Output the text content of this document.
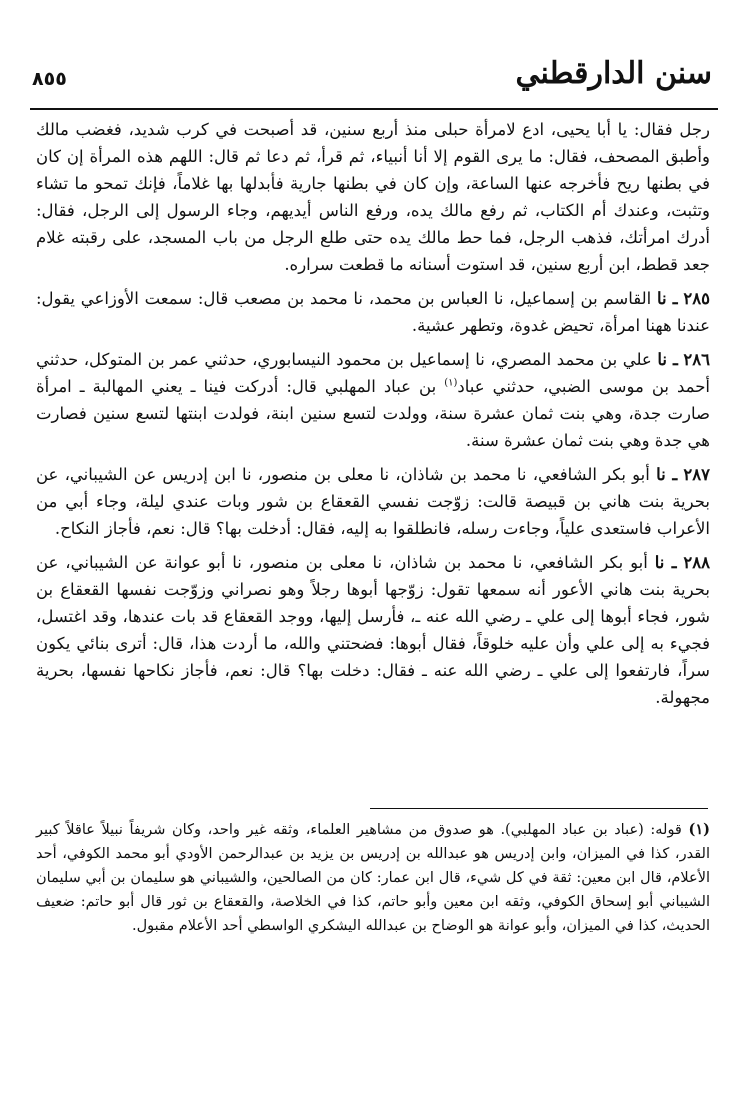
سنن الدارقطني
٨٥٥

رجل فقال: يا أبا يحيى، ادع لامرأة حبلى منذ أربع سنين، قد أصبحت في كرب شديد، فغضب مالك وأطبق المصحف، فقال: ما يرى القوم إلا أنا أنبياء، ثم قرأ، ثم دعا ثم قال: اللهم هذه المرأة إن كان في بطنها ريح فأخرجه عنها الساعة، وإن كان في بطنها جارية فأبدلها بها غلاماً، فإنك تمحو ما تشاء وتثبت، وعندك أم الكتاب، ثم رفع مالك يده، ورفع الناس أيديهم، وجاء الرسول إلى الرجل، فقال: أدرك امرأتك، فذهب الرجل، فما حط مالك يده حتى طلع الرجل من باب المسجد، على رقبته غلام جعد قطط، ابن أربع سنين، قد استوت أسنانه ما قطعت سراره.

٢٨٥ ـ نا القاسم بن إسماعيل، نا العباس بن محمد، نا محمد بن مصعب قال: سمعت الأوزاعي يقول: عندنا ههنا امرأة، تحيض غدوة، وتطهر عشية.

٢٨٦ ـ نا علي بن محمد المصري، نا إسماعيل بن محمود النيسابوري، حدثني عمر بن المتوكل، حدثني أحمد بن موسى الضبي، حدثني عباد$^{(١)}$ بن عباد المهلبي قال: أدركت فينا ـ يعني المهالبة ـ امرأة صارت جدة، وهي بنت ثمان عشرة سنة، وولدت لتسع سنين ابنة، فولدت ابنتها لتسع سنين فصارت هي جدة وهي بنت ثمان عشرة سنة.

٢٨٧ ـ نا أبو بكر الشافعي، نا محمد بن شاذان، نا معلى بن منصور، نا ابن إدريس عن الشيباني، عن بحرية بنت هاني بن قبيصة قالت: زوّجت نفسي القعقاع بن شور وبات عندي ليلة، وجاء أبي من الأعراب فاستعدى علياً، وجاءت رسله، فانطلقوا به إليه، فقال: أدخلت بها؟ قال: نعم، فأجاز النكاح.

٢٨٨ ـ نا أبو بكر الشافعي، نا محمد بن شاذان، نا معلى بن منصور، نا أبو عوانة عن الشيباني، عن بحرية بنت هاني الأعور أنه سمعها تقول: زوّجها أبوها رجلاً وهو نصراني وزوّجت نفسها القعقاع بن شور، فجاء أبوها إلى علي ـ رضي الله عنه ـ، فأرسل إليها، ووجد القعقاع قد بات عندها، وقد اغتسل، فجيء به إلى علي وأن عليه خلوقاً، فقال أبوها: فضحتني والله، ما أردت هذا، قال: أترى بنائي يكون سراً، فارتفعوا إلى علي ـ رضي الله عنه ـ فقال: دخلت بها؟ قال: نعم، فأجاز نكاحها نفسها، بحرية مجهولة.

(١) قوله: (عباد بن عباد المهلبي). هو صدوق من مشاهير العلماء، وثقه غير واحد، وكان شريفاً نبيلاً عاقلاً كبير القدر، كذا في الميزان، وابن إدريس هو عبدالله بن إدريس بن يزيد بن عبدالرحمن الأودي أبو محمد الكوفي، أحد الأعلام، قال ابن معين: ثقة في كل شيء، قال ابن عمار: كان من الصالحين، والشيباني هو سليمان بن أبي سليمان الشيباني أبو إسحاق الكوفي، وثقه ابن معين وأبو حاتم، كذا في الخلاصة، والقعقاع بن ثور قال أبو حاتم: ضعيف الحديث، كذا في الميزان، وأبو عوانة هو الوضاح بن عبدالله اليشكري الواسطي أحد الأعلام مقبول.
